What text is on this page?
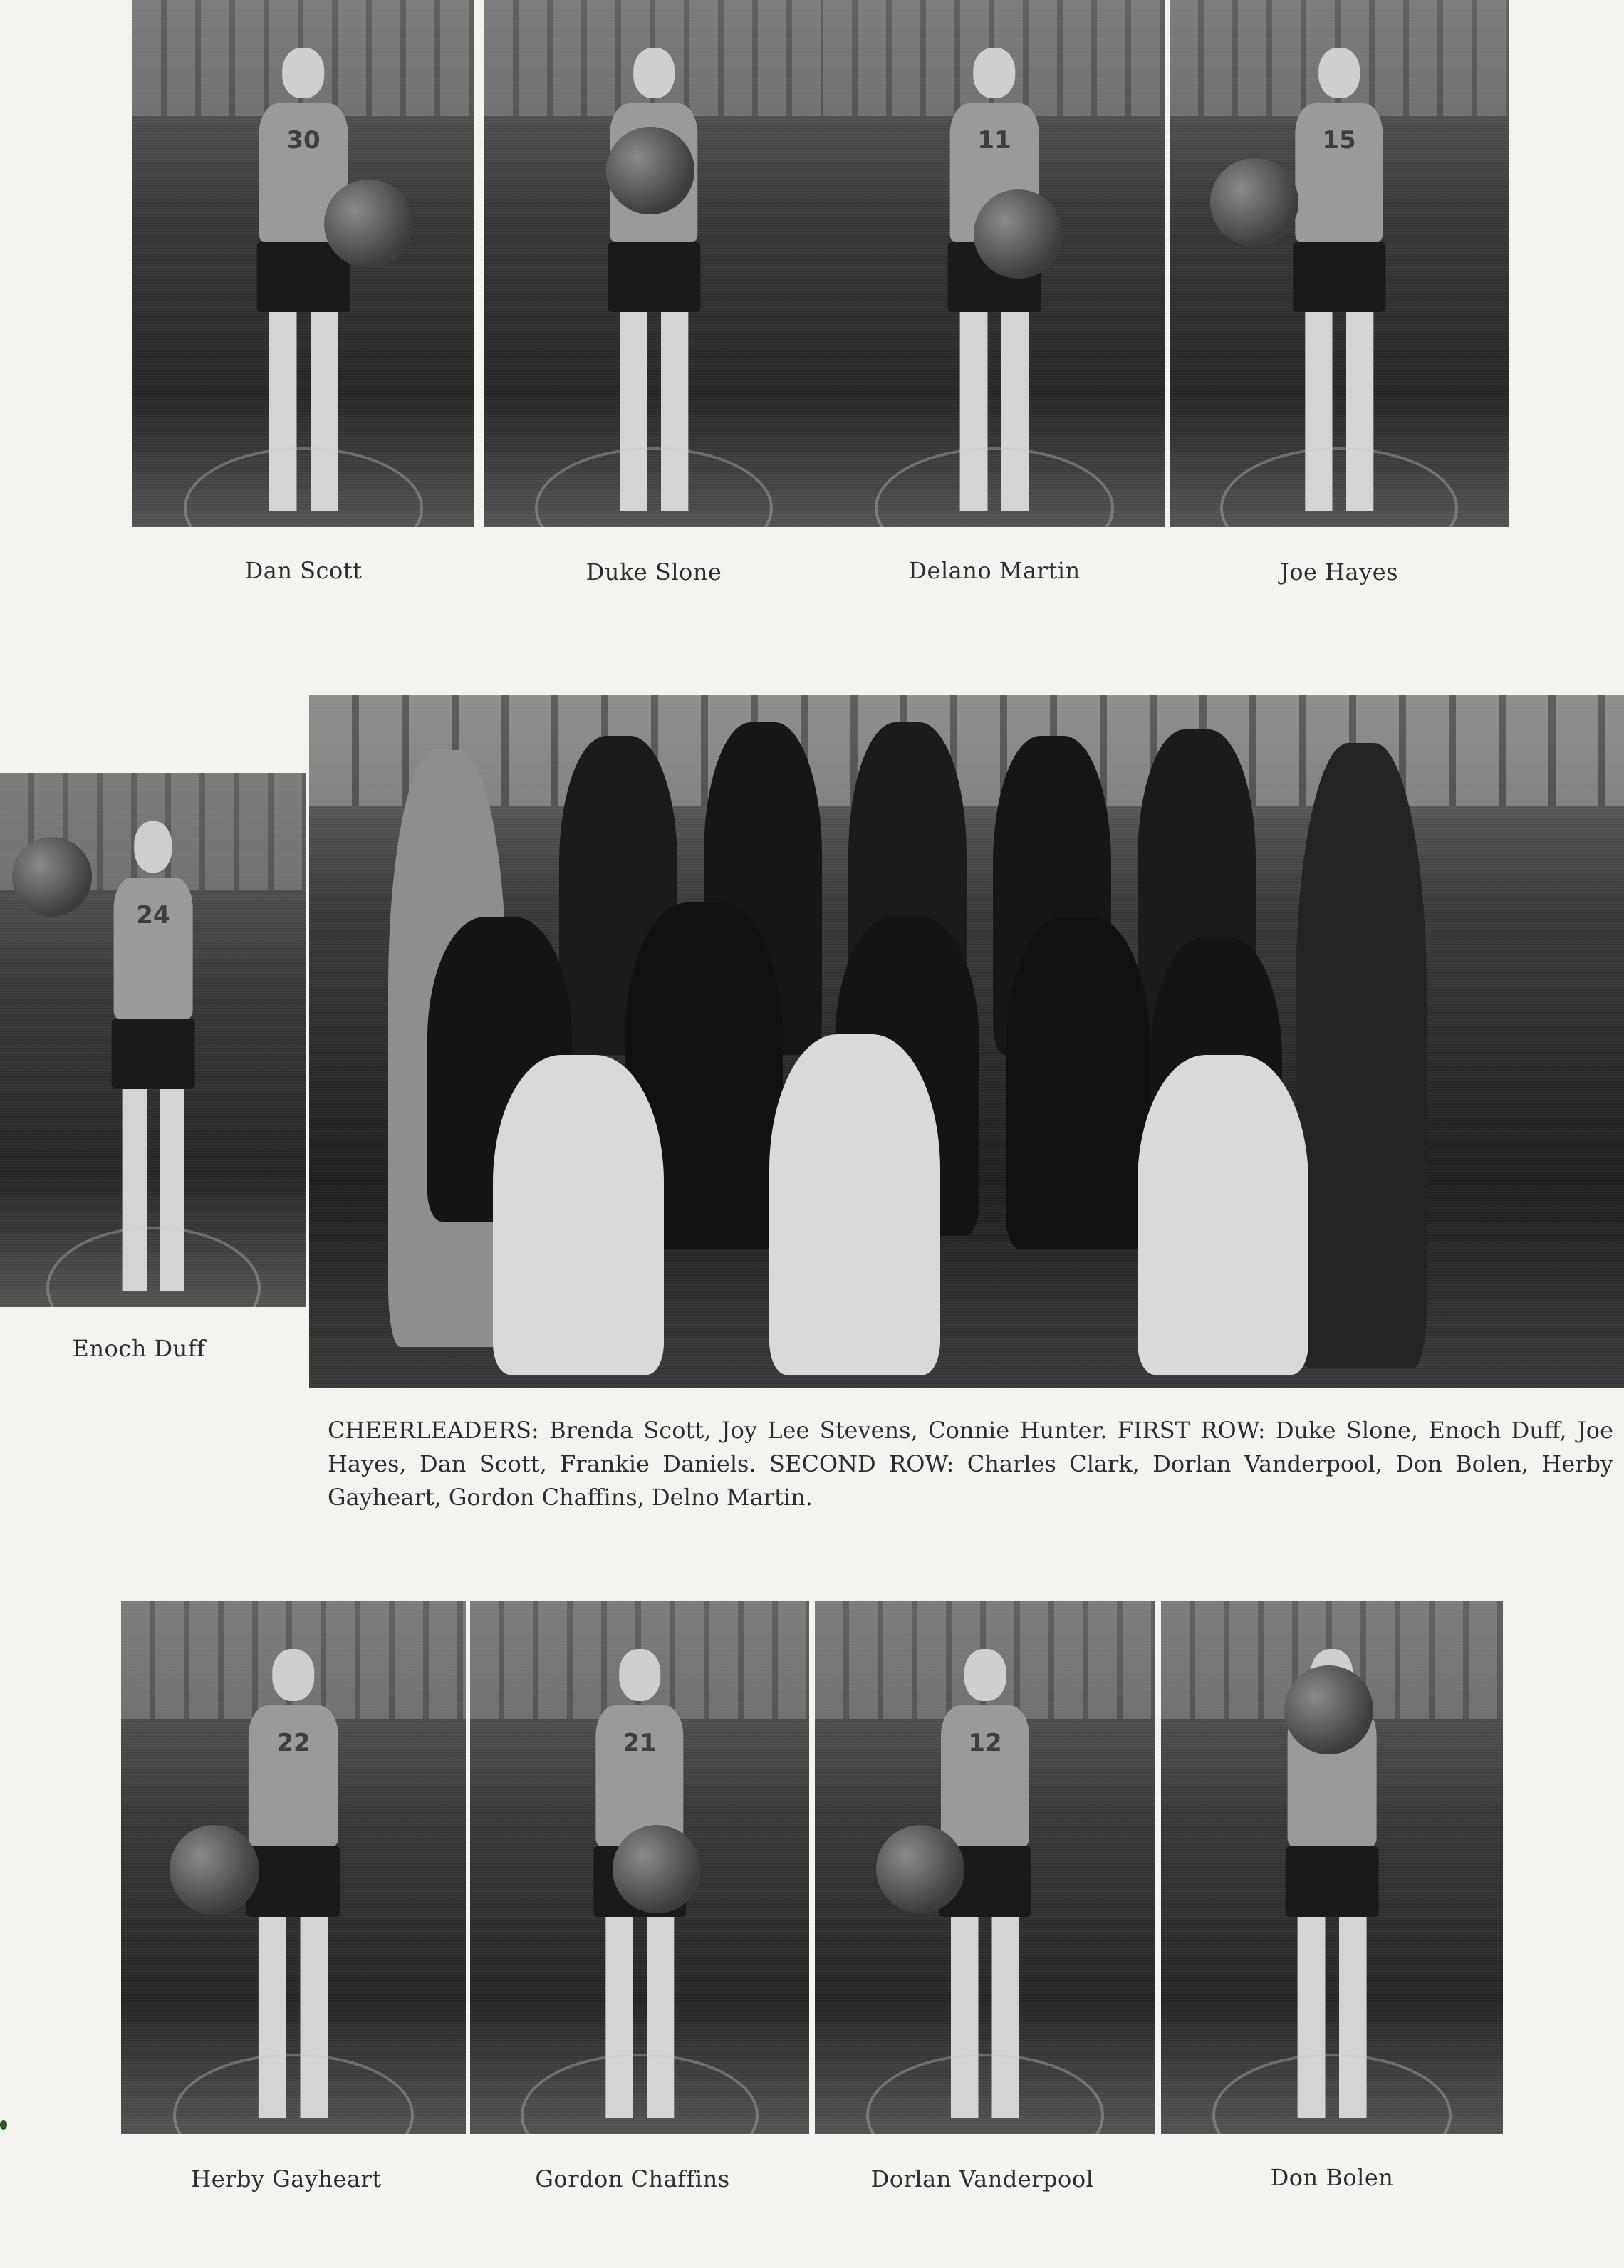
30	11	15
Dan Scott	Duke Slone	Delano Martin	Joe Hayes
24
Enoch Duff
CHEERLEADERS: Brenda Scott, Joy Lee Stevens, Connie Hunter. FIRST ROW: Duke Slone, Enoch Duff, Joe Hayes, Dan Scott, Frankie Daniels. SECOND ROW: Charles Clark, Dorlan Vanderpool, Don Bolen, Herby Gayheart, Gordon Chaffins, Delno Martin.
22	21	12
Herby Gayheart	Gordon Chaffins	Dorlan Vanderpool	Don Bolen
